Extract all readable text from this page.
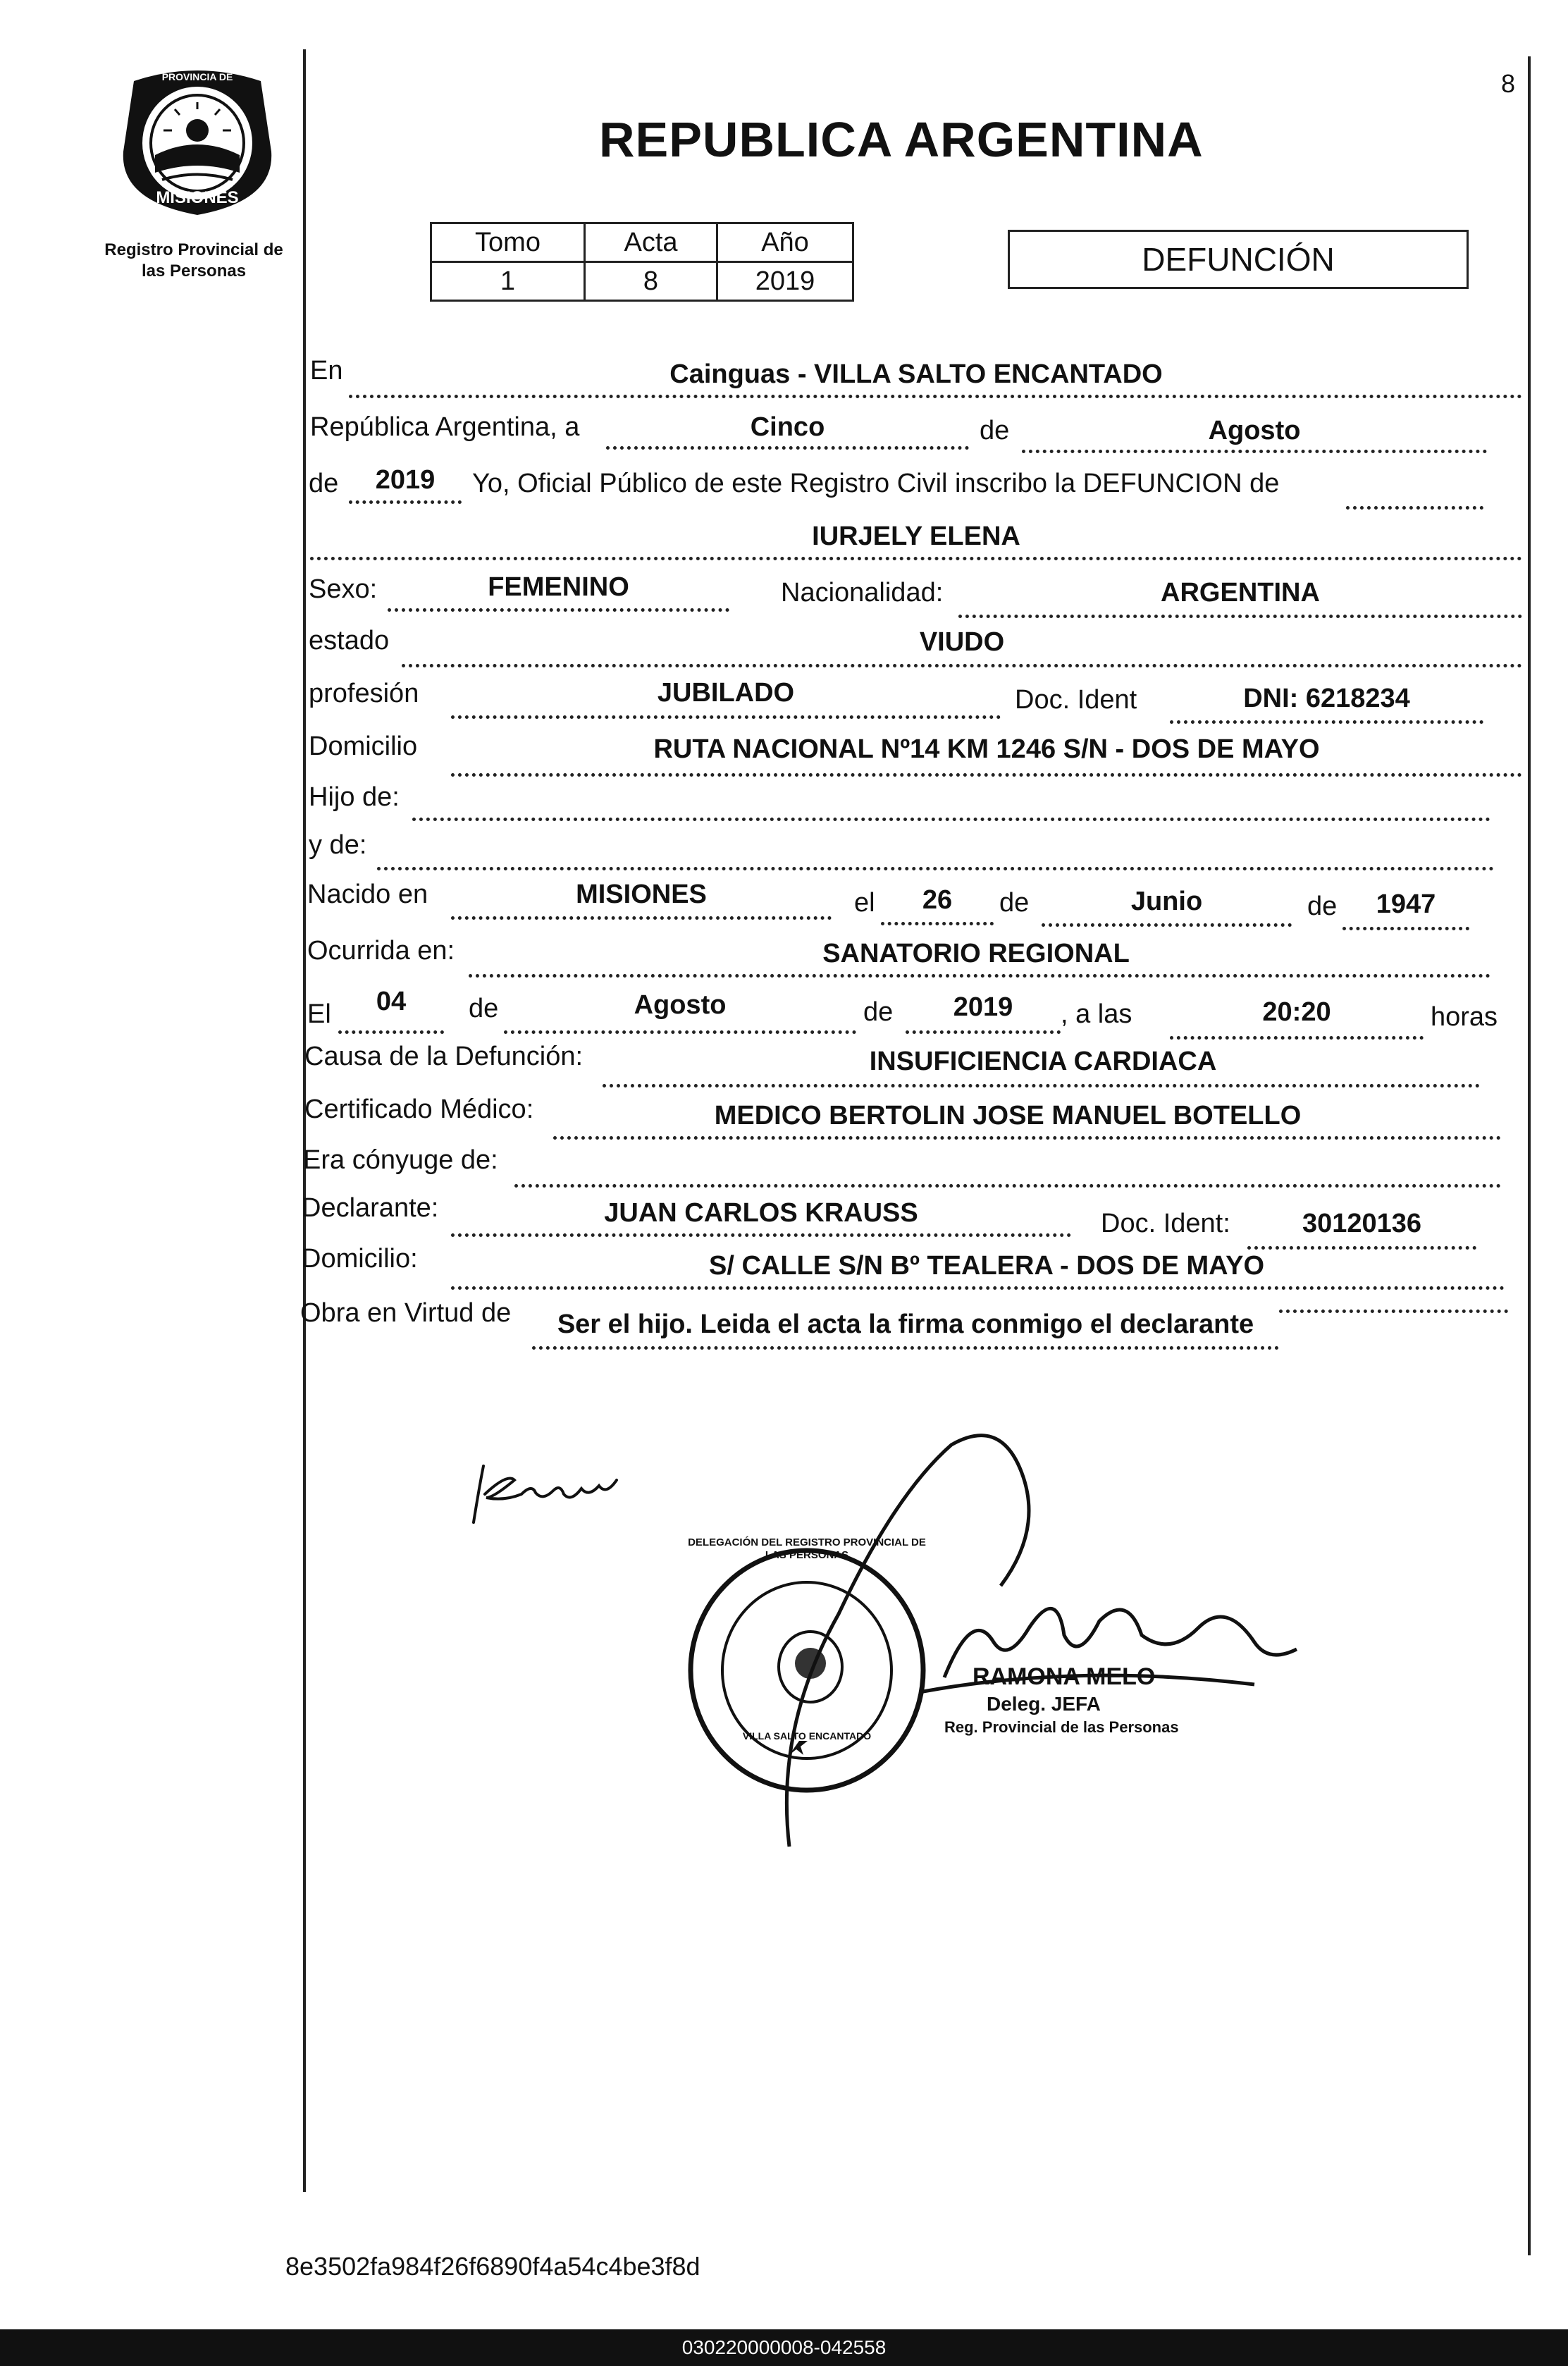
8
PROVINCIA DE
MISIONES
Registro Provincial de
las Personas
REPUBLICA ARGENTINA
Tomo	Acta	Año
1	8	2019
DEFUNCIÓN
En	Cainguas - VILLA SALTO ENCANTADO
República Argentina, a	Cinco	de	Agosto
de	2019	Yo, Oficial Público de este Registro Civil inscribo la DEFUNCION de
IURJELY ELENA
Sexo:	FEMENINO	Nacionalidad:	ARGENTINA
estado	VIUDO
profesión	JUBILADO	Doc. Ident	DNI: 6218234
Domicilio	RUTA NACIONAL Nº14 KM 1246 S/N - DOS DE MAYO
Hijo de:
y de:
Nacido en	MISIONES	el	26	de	Junio	de	1947
Ocurrida en:	SANATORIO REGIONAL
El	04	de	Agosto	de	2019	, a las	20:20	horas
Causa de la Defunción:	INSUFICIENCIA CARDIACA
Certificado Médico:	MEDICO BERTOLIN JOSE MANUEL BOTELLO
Era cónyuge de:
Declarante:	JUAN CARLOS KRAUSS	Doc. Ident:	30120136
Domicilio:	S/ CALLE S/N Bº TEALERA - DOS DE MAYO
Obra en Virtud de	Ser el hijo. Leida el acta la firma conmigo el declarante
DELEGACIÓN DEL REGISTRO PROVINCIAL DE LAS PERSONAS
VILLA SALTO ENCANTADO
RAMONA MELO
Deleg. JEFA
Reg. Provincial de las Personas
8e3502fa984f26f6890f4a54c4be3f8d
030220000008-042558
